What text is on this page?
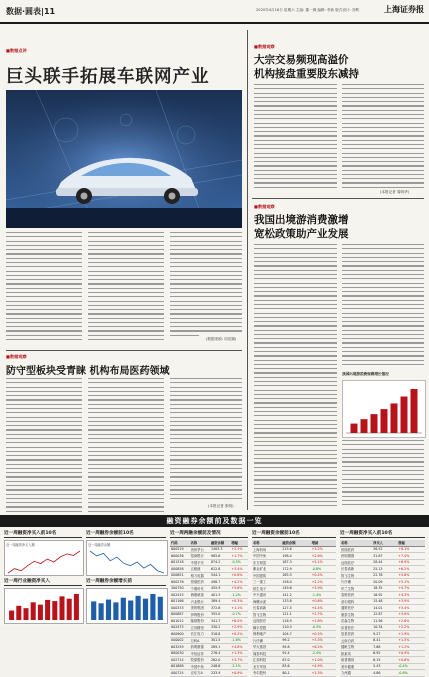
数据·圆表|11	2020年4月18日 星期六 主编: 董一佛 编辑: 李新 版式设计: 刘利	上海证券报
■数据点评
巨头联手拓展车联网产业
(数据来源: 同花顺)
■数据观察
大宗交易频现高溢价
机构接盘重要股东减持
(本报记者 周明华)
■数据观察
我国出境游消费激增
宽松政策助产业发展
我国出境游消费规模增长情况
■数据观察
防守型板块受青睐 机构布局医药领域
(本报记者 张明)
融资融券余额前及数据一览
近一周融资净买入前10名
近一周融资净买入额
近一周行业融资净买入
近一周融券余额前10名
近一周融券余额
近一周融券余额增长前
近一周两融余额前及情况
代码	名称	融资余额	增幅
600519	贵州茅台	1405.3	+2.1%
600036	招商银行	985.6	+1.7%
601318	中国平安	874.2	-0.5%
000858	五粮液	612.8	+3.4%
000651	格力电器	544.1	+0.8%
600276	恒瑞医药	498.7	+4.2%
300750	宁德时代	455.9	+5.6%
002415	海康威视	401.3	-1.2%
601166	兴业银行	389.4	+0.3%
000333	美的集团	372.6	+1.1%
600887	伊利股份	355.0	-0.7%
601012	隆基股份	341.7	+6.0%
002475	立讯精密	330.2	+2.9%
600900	长江电力	318.8	+0.2%
000002	万科A	301.5	-1.6%
603259	药明康德	289.1	+4.8%
600030	中信证券	276.4	+1.3%
002714	牧原股份	262.0	+3.7%
601888	中国中免	248.6	-2.1%
000725	京东方A	233.9	+0.9%
近一周融资余额前10名
名称	融资余额	增减
上海机场	215.6	+3.2%
中国中免	198.4	+2.6%
东方财富	187.3	+5.1%
紫金矿业	172.9	-0.8%
中国建筑	165.5	+0.4%
三一重工	158.0	+2.2%
恒生电子	149.6	+3.9%
中兴通讯	141.2	-1.4%
海螺水泥	133.8	+0.6%
长春高新	127.5	+4.4%
智飞生物	121.1	+2.7%
迈瑞医疗	116.9	+1.8%
顺丰控股	110.3	-0.3%
保利地产	104.7	+0.5%
片仔癀	99.2	+3.3%
华大基因	95.8	+6.2%
闻泰科技	91.4	-2.4%
汇顶科技	87.0	+1.0%
北方华创	83.6	+4.9%
韦尔股份	80.1	+2.3%
近一周融资净买入前10名
名称	净买入	涨幅
恒瑞医药	36.52	+8.1%
药明康德	31.87	+7.4%
迈瑞医疗	28.44	+6.9%
长春高新	25.13	+6.2%
智飞生物	22.76	+5.8%
片仔癀	20.09	+5.1%
华兰生物	18.35	+4.7%
泰格医药	16.92	+4.3%
爱尔眼科	15.48	+3.9%
通策医疗	14.01	+3.4%
康泰生物	12.87	+3.0%
沃森生物	11.56	+2.6%
乐普医疗	10.34	+2.2%
复星医药	9.27	+1.9%
云南白药	8.41	+1.5%
健帆生物	7.68	+1.2%
凯莱英	6.92	+0.9%
欧普康视	6.15	+0.6%
美年健康	5.43	-0.4%
九州通	4.86	-0.8%
